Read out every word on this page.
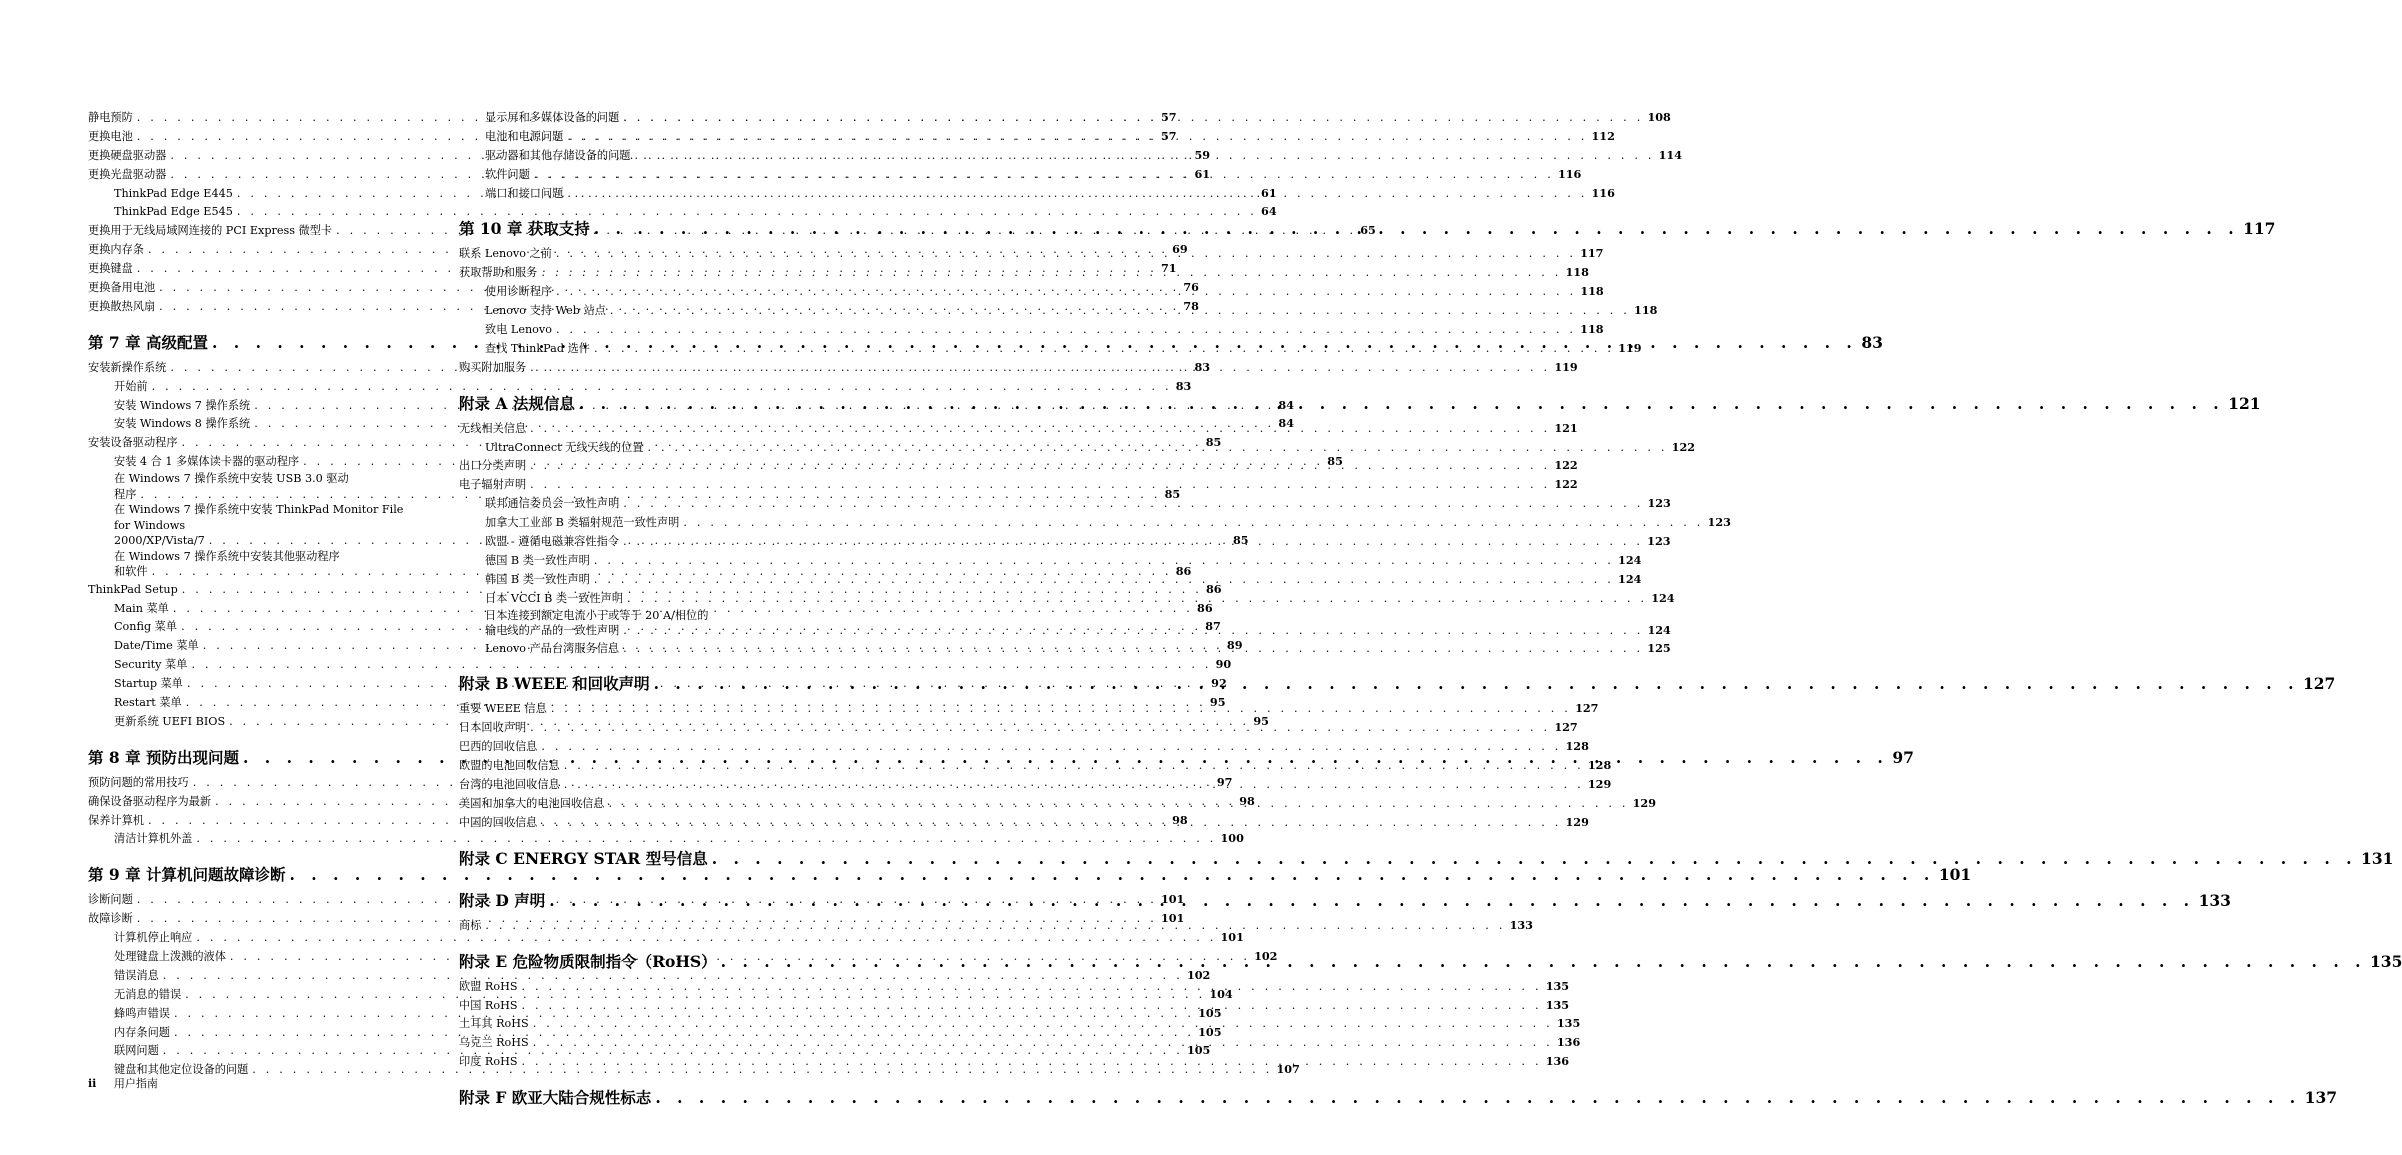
静电预防 . . .	57
更换电池 . . .	57
更换硬盘驱动器 . . .	59
更换光盘驱动器 . . .	61
ThinkPad Edge E445 . . .	61
ThinkPad Edge E545 . . .	64
更换用于无线局域网连接的 PCI Express 微型卡 . . .	65
更换内存条 . . .	69
更换键盘 . . .	71
更换备用电池 . . .	76
更换散热风扇 . . .	78
第 7 章 高级配置 . . .	83
安装新操作系统 . . .	83
开始前 . . .	83
安装 Windows 7 操作系统 . . .	84
安装 Windows 8 操作系统 . . .	84
安装设备驱动程序 . . .	85
安装 4 合 1 多媒体读卡器的驱动程序 . . .	85
在 Windows 7 操作系统中安装 USB 3.0 驱动
程序 . . .	85
在 Windows 7 操作系统中安装 ThinkPad Monitor File for Windows
2000/XP/Vista/7 . . .	85
在 Windows 7 操作系统中安装其他驱动程序
和软件 . . .	86
ThinkPad Setup . . .	86
Main 菜单 . . .	86
Config 菜单 . . .	87
Date/Time 菜单 . . .	89
Security 菜单 . . .	90
Startup 菜单 . . .	92
Restart 菜单 . . .	95
更新系统 UEFI BIOS . . .	95
第 8 章 预防出现问题 . . .	97
预防问题的常用技巧 . . .	97
确保设备驱动程序为最新 . . .	98
保养计算机 . . .	98
清洁计算机外盖 . . .	100
第 9 章 计算机问题故障诊断 . . .	101
诊断问题 . . .	101
故障诊断 . . .	101
计算机停止响应 . . .	101
处理键盘上泼溅的液体 . . .	102
错误消息 . . .	102
无消息的错误 . . .	104
蜂鸣声错误 . . .	105
内存条问题 . . .	105
联网问题 . . .	105
键盘和其他定位设备的问题 . . .	107
显示屏和多媒体设备的问题 . . .	108
电池和电源问题 . . .	112
驱动器和其他存储设备的问题 . . .	114
软件问题 . . .	116
端口和接口问题 . . .	116
第 10 章 获取支持 . . .	117
联系 Lenovo 之前 . . .	117
获取帮助和服务 . . .	118
使用诊断程序 . . .	118
Lenovo 支持 Web 站点 . . .	118
致电 Lenovo . . .	118
查找 ThinkPad 选件 . . .	119
购买附加服务 . . .	119
附录 A 法规信息 . . .	121
无线相关信息 . . .	121
UltraConnect 无线天线的位置 . . .	122
出口分类声明 . . .	122
电子辐射声明 . . .	122
联邦通信委员会一致性声明 . . .	123
加拿大工业部 B 类辐射规范一致性声明 . . .	123
欧盟 - 遵循电磁兼容性指令 . . .	123
德国 B 类一致性声明 . . .	124
韩国 B 类一致性声明 . . .	124
日本 VCCI B 类一致性声明 . . .	124
日本连接到额定电流小于或等于 20 A/相位的
输电线的产品的一致性声明 . . .	124
Lenovo 产品台湾服务信息 . . .	125
附录 B WEEE 和回收声明 . . .	127
重要 WEEE 信息 . . .	127
日本回收声明 . . .	127
巴西的回收信息 . . .	128
欧盟的电池回收信息 . . .	128
台湾的电池回收信息 . . .	129
美国和加拿大的电池回收信息 . . .	129
中国的回收信息 . . .	129
附录 C ENERGY STAR 型号信息 . . .	131
附录 D 声明 . . .	133
商标 . . .	133
附录 E 危险物质限制指令（RoHS） . . .	135
欧盟 RoHS . . .	135
中国 RoHS . . .	135
土耳其 RoHS . . .	135
乌克兰 RoHS . . .	136
印度 RoHS . . .	136
附录 F 欧亚大陆合规性标志 . . .	137
ii 用户指南
